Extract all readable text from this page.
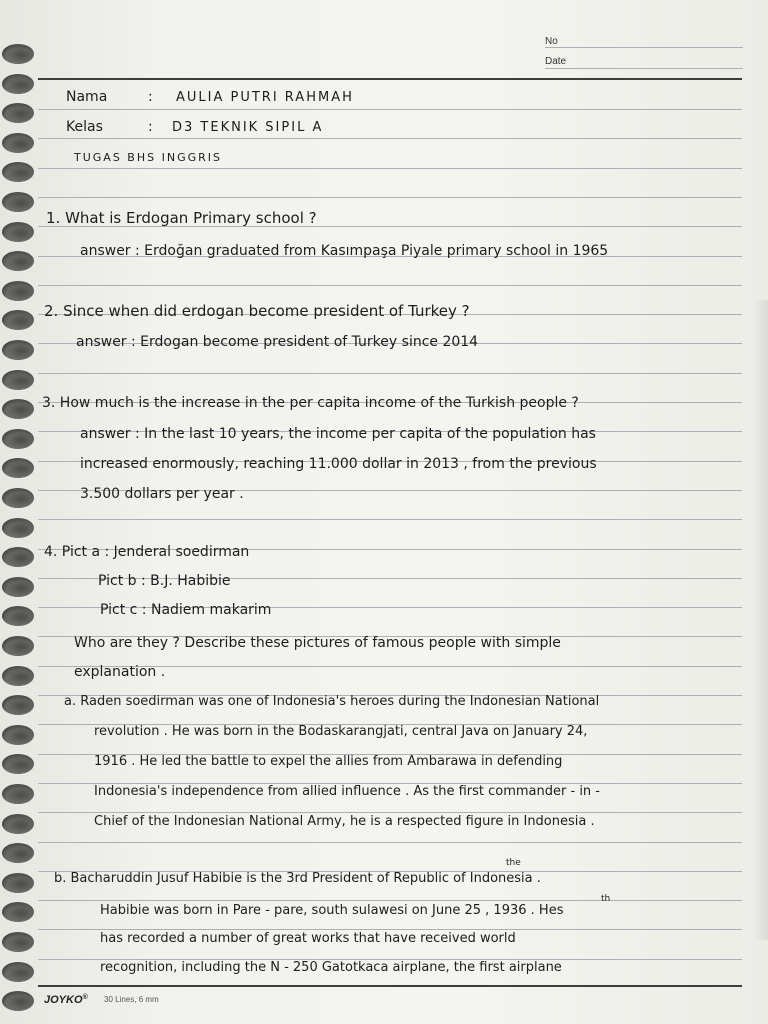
No
Date
Nama	: AULIA PUTRI RAHMAH
Kelas	: D3 TEKNIK SIPIL A
TUGAS BHS INGGRIS
1. What is Erdogan Primary school ?
answer : Erdoğan graduated from Kasımpaşa Piyale primary school in 1965
2. Since when did erdogan become president of Turkey ?
answer : Erdogan become president of Turkey since 2014
3. How much is the increase in the per capita income of the Turkish people ?
answer : In the last 10 years, the income per capita of the population has
increased enormously, reaching 11.000 dollar in 2013 , from the previous
3.500 dollars per year .
4. Pict a : Jenderal soedirman
Pict b : B.J. Habibie
Pict c : Nadiem makarim
Who are they ? Describe these pictures of famous people with simple
explanation .
a. Raden soedirman was one of Indonesia's heroes during the Indonesian National
revolution . He was born in the Bodaskarangjati, central Java on January 24,
1916 . He led the battle to expel the allies from Ambarawa in defending
Indonesia's independence from allied influence . As the first commander - in -
Chief of the Indonesian National Army, he is a respected figure in Indonesia .
the
b. Bacharuddin Jusuf Habibie is the 3rd President of Republic of Indonesia .
th
Habibie was born in Pare - pare, south sulawesi on June 25 , 1936 . Hes
has recorded a number of great works that have received world
recognition, including the N - 250 Gatotkaca airplane, the first airplane
JOYKO® 30 Lines, 6 mm
